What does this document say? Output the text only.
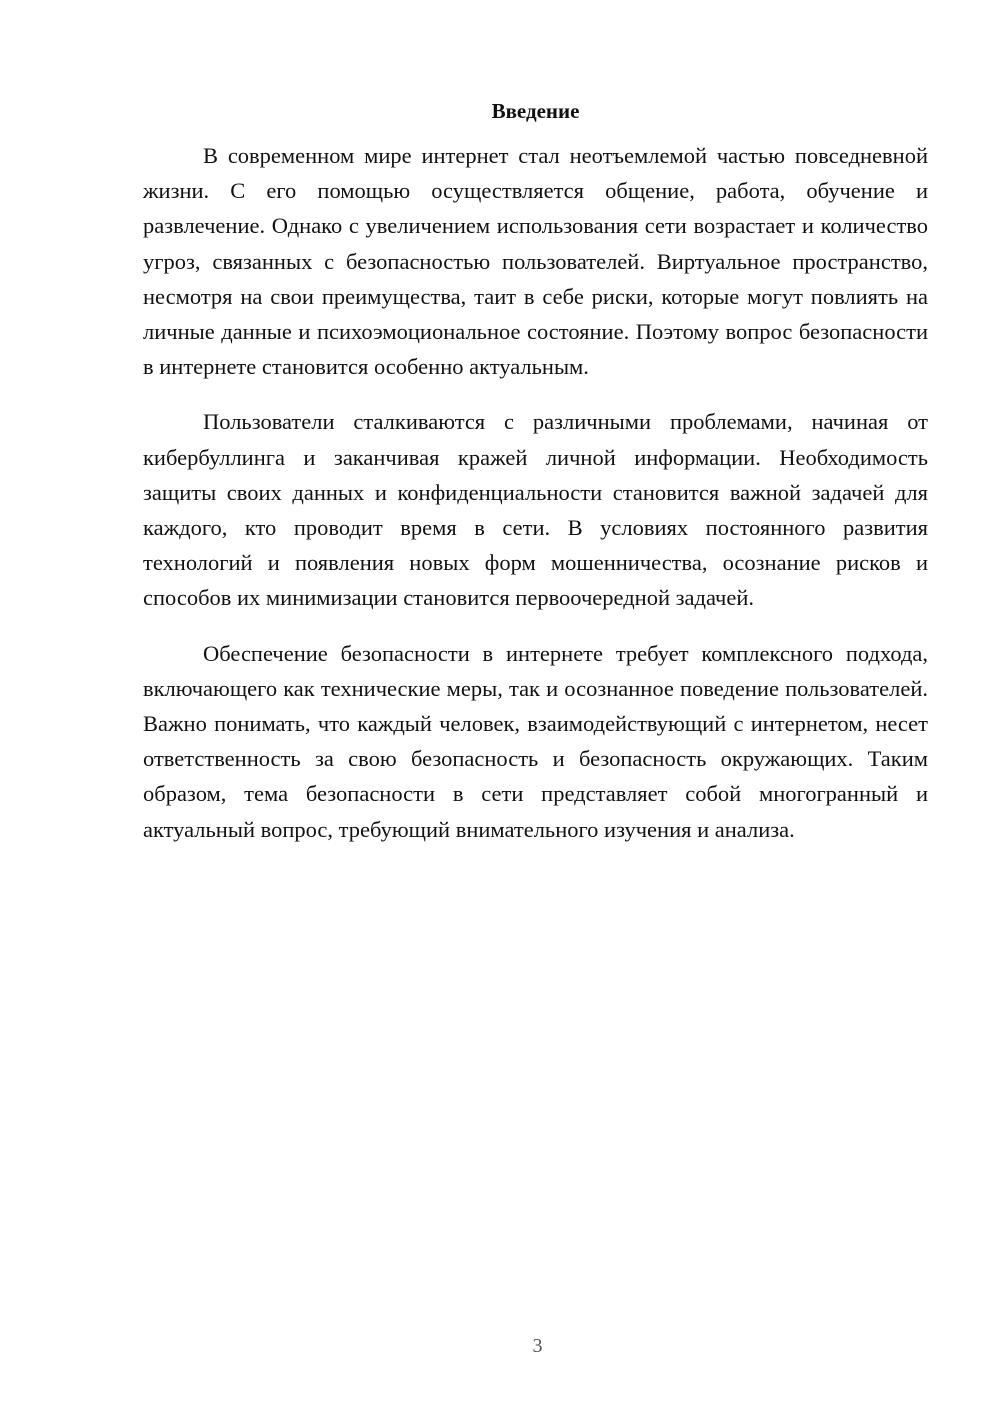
Введение

В современном мире интернет стал неотъемлемой частью повседневной жизни. С его помощью осуществляется общение, работа, обучение и развлечение. Однако с увеличением использования сети возрастает и количество угроз, связанных с безопасностью пользователей. Виртуальное пространство, несмотря на свои преимущества, таит в себе риски, которые могут повлиять на личные данные и психоэмоциональное состояние. Поэтому вопрос безопасности в интернете становится особенно актуальным.

Пользователи сталкиваются с различными проблемами, начиная от кибербуллинга и заканчивая кражей личной информации. Необходимость защиты своих данных и конфиденциальности становится важной задачей для каждого, кто проводит время в сети. В условиях постоянного развития технологий и появления новых форм мошенничества, осознание рисков и способов их минимизации становится первоочередной задачей.

Обеспечение безопасности в интернете требует комплексного подхода, включающего как технические меры, так и осознанное поведение пользователей. Важно понимать, что каждый человек, взаимодействующий с интернетом, несет ответственность за свою безопасность и безопасность окружающих. Таким образом, тема безопасности в сети представляет собой многогранный и актуальный вопрос, требующий внимательного изучения и анализа.

3
